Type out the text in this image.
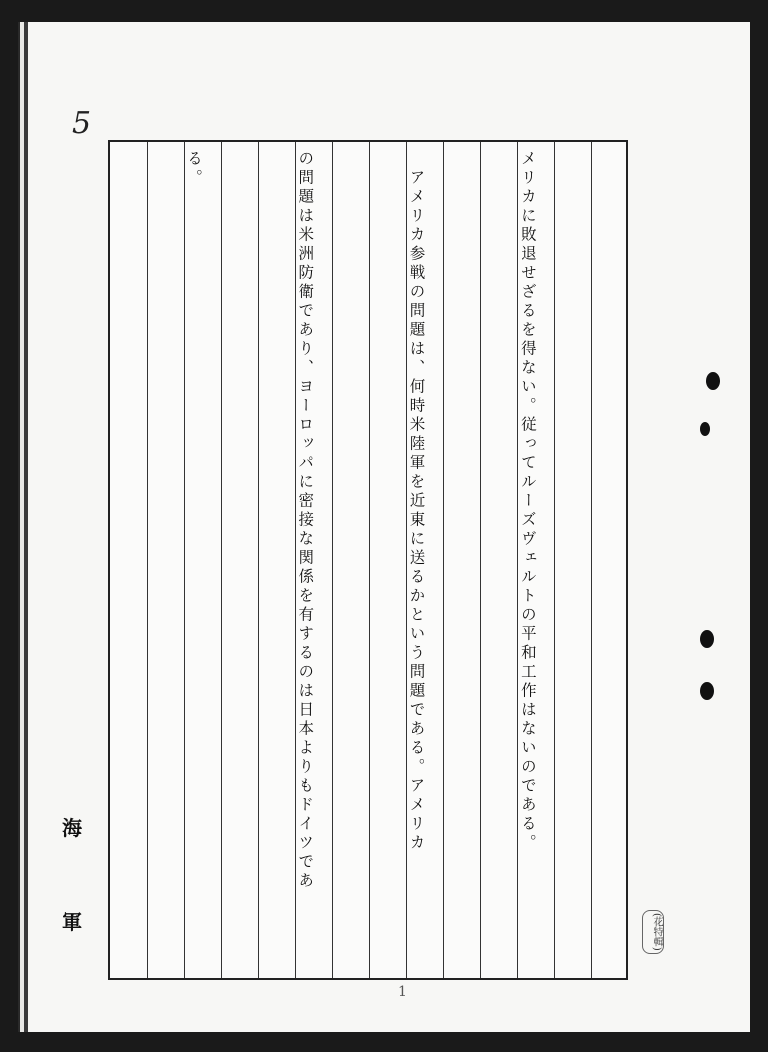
5
海
軍	(花特輯)
1

メリカに敗退せざるを得ない。従ってルーズヴェルトの平和工作はないのである。

　アメリカ参戦の問題は、何時米陸軍を近東に送るかという問題である。アメリカ

の問題は米洲防衛であり、ヨーロッパに密接な関係を有するのは日本よりもドイツであ

る。
